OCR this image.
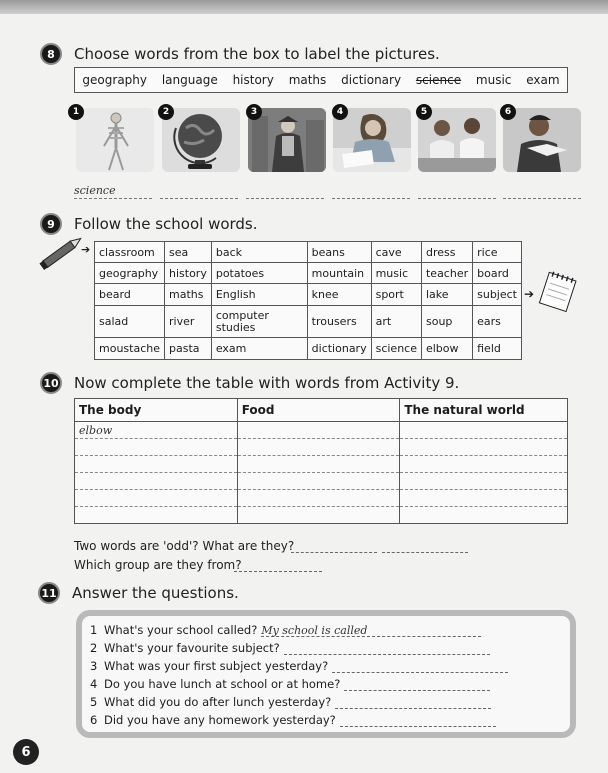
8	Choose words from the box to label the pictures.
geography language history maths dictionary science music exam
1	2	3	4	5	6
science
9	Follow the school words.
➔ classroom	sea	back	beans	cave	dress	rice
geography	history	potatoes	mountain	music	teacher	board
beard	maths	English	knee	sport	lake	subject
salad	river	computer studies	trousers	art	soup	ears
moustache	pasta	exam	dictionary	science	elbow	field
➔
10 Now complete the table with words from Activity 9.
The body	Food	The natural world
elbow		

Two words are 'odd'? What are they?
Which group are they from?
11 Answer the questions.
1 What's your school called? My school is called
2 What's your favourite subject?
3 What was your first subject yesterday?
4 Do you have lunch at school or at home?
5 What did you do after lunch yesterday?
6 Did you have any homework yesterday?
6
